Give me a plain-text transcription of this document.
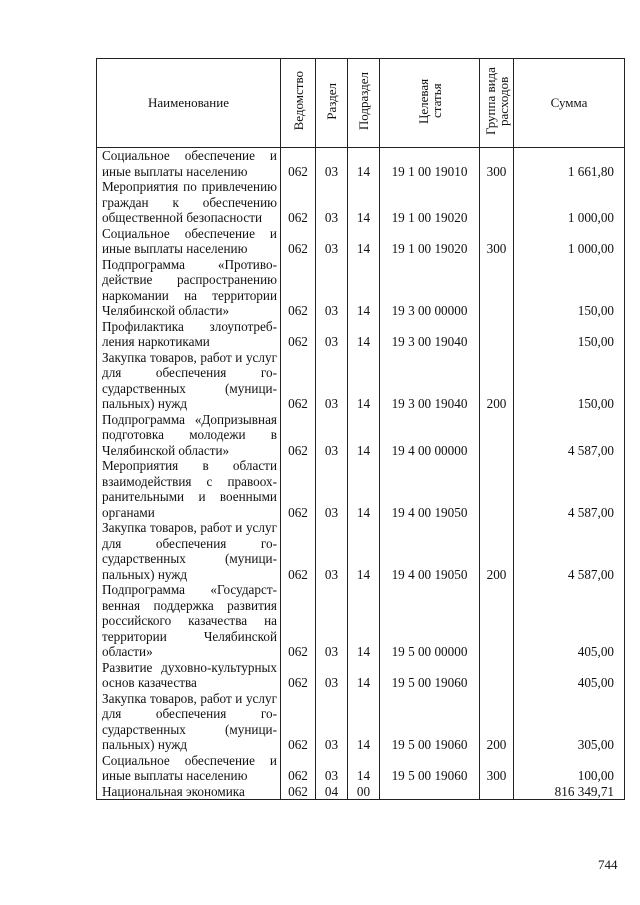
Наименование	Ведомство	Раздел	Подраздел	Целевая статья	Группа вида расходов	Сумма
Социальное обеспечение и иные выплаты населению	062	03	14	19 1 00 19010	300	1 661,80
Мероприятия по привлечению граждан к обеспечению общественной безопасности	062	03	14	19 1 00 19020		1 000,00
Социальное обеспечение и иные выплаты населению	062	03	14	19 1 00 19020	300	1 000,00
Подпрограмма «Противодействие распространению наркомании на территории Челябинской области»	062	03	14	19 3 00 00000		150,00
Профилактика злоупотребления наркотиками	062	03	14	19 3 00 19040		150,00
Закупка товаров, работ и услуг для обеспечения государственных (муниципальных) нужд	062	03	14	19 3 00 19040	200	150,00
Подпрограмма «Допризывная подготовка молодежи в Челябинской области»	062	03	14	19 4 00 00000		4 587,00
Мероприятия в области взаимодействия с правоохранительными и военными органами	062	03	14	19 4 00 19050		4 587,00
Закупка товаров, работ и услуг для обеспечения государственных (муниципальных) нужд	062	03	14	19 4 00 19050	200	4 587,00
Подпрограмма «Государственная поддержка развития российского казачества на территории Челябинской области»	062	03	14	19 5 00 00000		405,00
Развитие духовно-культурных основ казачества	062	03	14	19 5 00 19060		405,00
Закупка товаров, работ и услуг для обеспечения государственных (муниципальных) нужд	062	03	14	19 5 00 19060	200	305,00
Социальное обеспечение и иные выплаты населению	062	03	14	19 5 00 19060	300	100,00
Национальная экономика	062	04	00			816 349,71
744
